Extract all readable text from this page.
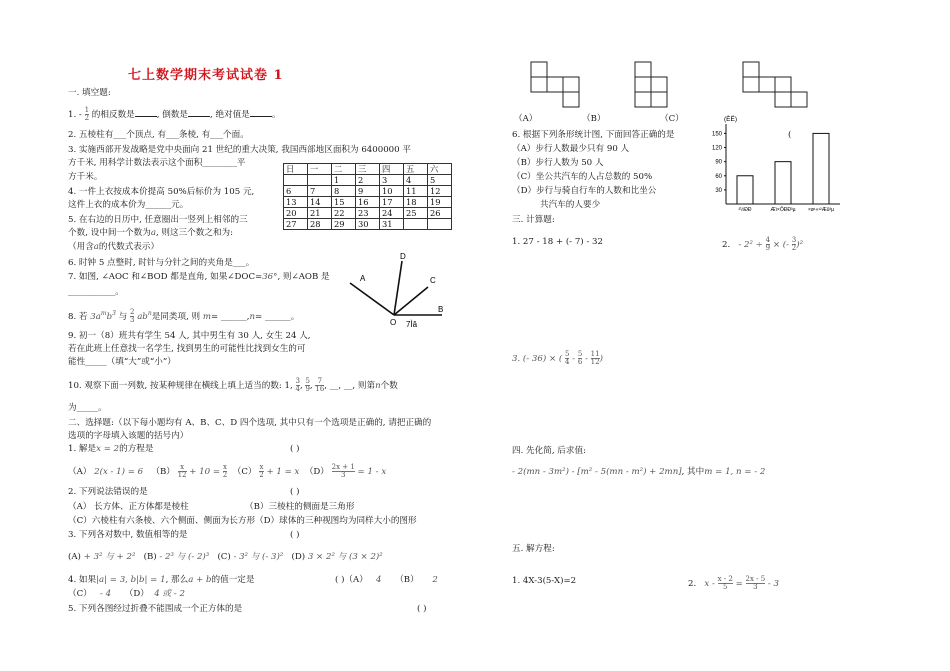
七上数学期末考试试卷 1
一. 填空题:
1. - $\frac{1}{2}$ 的相反数是	, 倒数是	, 绝对值是	。
2. 五棱柱有___个顶点, 有___条棱, 有___个面。
3. 实施西部开发战略是党中央面向 21 世纪的重大决策, 我国西部地区面积为 6400000 平
方千米, 用科学计数法表示这个面积________平
方千米。
4. 一件上衣按成本价提高 50%后标价为 105 元,
这件上衣的成本价为______元。
5. 在右边的日历中, 任意圈出一竖列上相邻的三
个数, 设中间一个数为a, 则这三个数之和为:
（用含a的代数式表示）
6. 时钟 5 点整时, 时针与分针之间的夹角是___。
7. 如图, ∠AOC 和∠BOD 都是直角, 如果∠DOC=36°, 则∠AOB 是
___________。
8. 若 $3a^mb^3$ 与 $\frac{2}{3} ab^n$是同类项, 则 m= ______,n= ______。
9. 初一（8）班共有学生 54 人, 其中男生有 30 人, 女生 24 人,
若在此班上任意找一名学生, 找到男生的可能性比找到女生的可
能性_____（填“大”或“小”）
10. 观察下面一列数, 按某种规律在横线上填上适当的数: 1, $\frac{3}{4}$ , $\frac{5}{9}$ , $\frac{7}{16}$ , __, __, 则第n个数
为_____。
日	一	二	三	四	五	六
		1	2	3	4	5
6	7	8	9	10	11	12
13	14	15	16	17	18	19
20	21	22	23	24	25	26
27	28	29	30	31		
A
D
C
B
O 7Ìâ
二、选择题:（以下每小题均有 A、B、C、D 四个选项, 其中只有一个选项是正确的, 请把正确的
选项的字母填入该题的括号内）
1. 解是x = 2的方程是	( )
（A） 2(x - 1) = 6 $(B) \frac{x}{12} + 10 = \frac{x}{2} (C) \frac{x}{2} + 1 = x$ $(D) \frac{2x + 1}{3} = 1 - x$
2. 下列说法错误的是	( )
（A） 长方体、正方体都是棱柱	（B）三棱柱的侧面是三角形
（C）六棱柱有六条棱、六个侧面、侧面为长方形（D）球体的三种视图均为同样大小的图形
3. 下列各对数中, 数值相等的是	( )
(A) + 3² 与 + 2² (B) - 2³ 与 (- 2)³ (C) - 3² 与 (- 3)² (D) 3 × 2² 与 (3 × 2)²
4. 如果|a| = 3, b|b| = 1, 那么a + b的值一定是	( )（A） 4 （B） 2
（C） - 4 （D） 4 或 - 2
5. 下列各图经过折叠不能围成一个正方体的是	( )
（A）	（B）	（C）
6. 根据下列条形统计图, 下面回答正确的是	(
（A）步行人数最少只有 90 人
（B）步行人数为 50 人
（C）坐公共汽车的人占总数的 50%
（D）步行与骑自行车的人数和比坐公
共汽车的人要少
(ÈË)
30
60
90
120
150
²½ÐÐ	Æï×ÔÐÐ³µ ×ø¹«¹²Æû³µ
三. 计算题:
1. 27 - 18 + (- 7) - 32	2. - $2^2 \div \frac{4}{9}$ × (- $\frac{3}{2} )^2$
3. (- 36) × ( $\frac{5}{4} - \frac{5}{6} - \frac{11}{12}$ )
四. 先化简, 后求值:
- 2(mn - 3m²) - [m² - 5(mn - m²) + 2mn], 其中m = 1, n = - 2
五. 解方程:
1. 4X-3(5-X)=2	2. $x - \frac{x - 2}{5} = \frac{2x - 5}{3} - 3$
